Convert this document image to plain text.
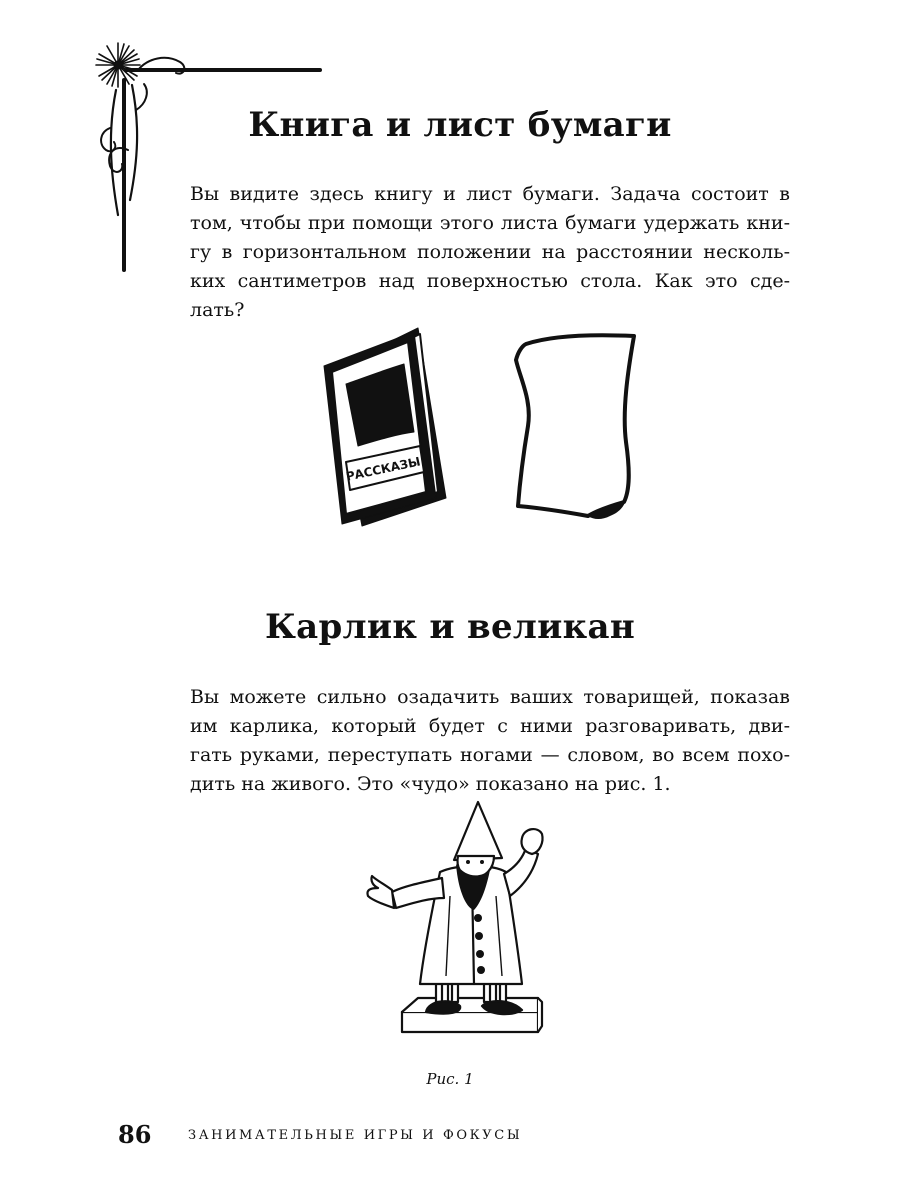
Книга и лист бумаги

Вы видите здесь книгу и лист бумаги. Задача состоит в
том, чтобы при помощи этого листа бумаги удержать кни-
гу в горизонтальном положении на расстоянии несколь-
ких сантиметров над поверхностью стола. Как это сде-
лать?

РАССКАЗЫ
Карлик и великан

Вы можете сильно озадачить ваших товарищей, показав
им карлика, который будет с ними разговаривать, дви-
гать руками, переступать ногами — словом, во всем похо-
дить на живого. Это «чудо» показано на рис. 1.

Рис. 1
86	ЗАНИМАТЕЛЬНЫЕ ИГРЫ И ФОКУСЫ
